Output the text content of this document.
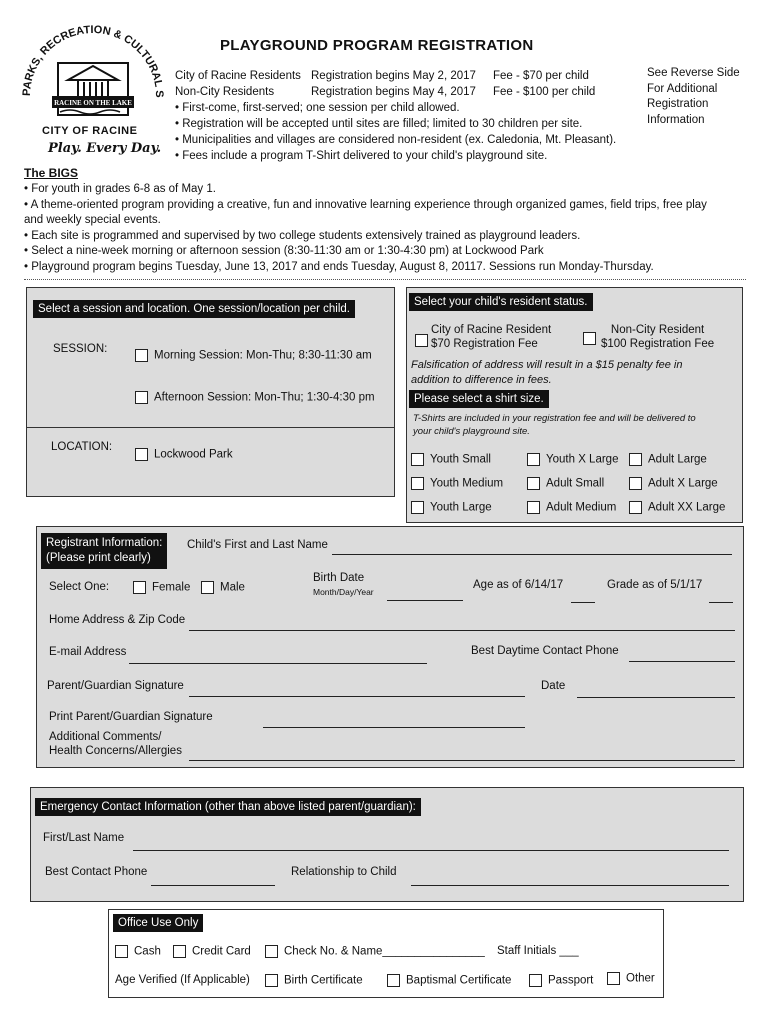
PARKS, RECREATION & CULTURAL S
RACINE ON THE LAKE
CITY OF RACINE
Play. Every Day.
PLAYGROUND PROGRAM REGISTRATION
City of Racine Residents Registration begins May 2, 2017 Fee - $70 per child
Non-City Residents	Registration begins May 4, 2017 Fee - $100 per child
• First-come, first-served; one session per child allowed.
• Registration will be accepted until sites are filled; limited to 30 children per site.
• Municipalities and villages are considered non-resident (ex. Caledonia, Mt. Pleasant).
• Fees include a program T-Shirt delivered to your child's playground site.
See Reverse Side
For Additional
Registration
Information
The BIGS
• For youth in grades 6-8 as of May 1.
• A theme-oriented program providing a creative, fun and innovative learning experience through organized games, field trips, free play
and weekly special events.
• Each site is programmed and supervised by two college students extensively trained as playground leaders.
• Select a nine-week morning or afternoon session (8:30-11:30 am or 1:30-4:30 pm) at Lockwood Park
• Playground program begins Tuesday, June 13, 2017 and ends Tuesday, August 8, 20117. Sessions run Monday-Thursday.
Select a session and location. One session/location per child.
SESSION:
Morning Session: Mon-Thu; 8:30-11:30 am
Afternoon Session: Mon-Thu; 1:30-4:30 pm
LOCATION:
Lockwood Park
Select your child's resident status.
City of Racine Resident
$70 Registration Fee
Non-City Resident
$100 Registration Fee
Falsification of address will result in a $15 penalty fee in
addition to difference in fees.
Please select a shirt size.
T-Shirts are included in your registration fee and will be delivered to
your child's playground site.
Youth Small	Youth X Large	Adult Large
Youth Medium	Adult Small	Adult X Large
Youth Large	Adult Medium	Adult XX Large
Registrant Information:
(Please print clearly)
Child's First and Last Name
Select One:	Female	Male
Birth Date
Month/Day/Year
Age as of 6/14/17	Grade as of 5/1/17
Home Address & Zip Code
E-mail Address	Best Daytime Contact Phone
Parent/Guardian Signature	Date
Print Parent/Guardian Signature
Additional Comments/
Health Concerns/Allergies
Emergency Contact Information (other than above listed parent/guardian):
First/Last Name
Best Contact Phone	Relationship to Child
Office Use Only
Cash	Credit Card	Check No. & Name________________ Staff Initials ___
Age Verified (If Applicable)	Birth Certificate	Baptismal Certificate	Passport	Other
